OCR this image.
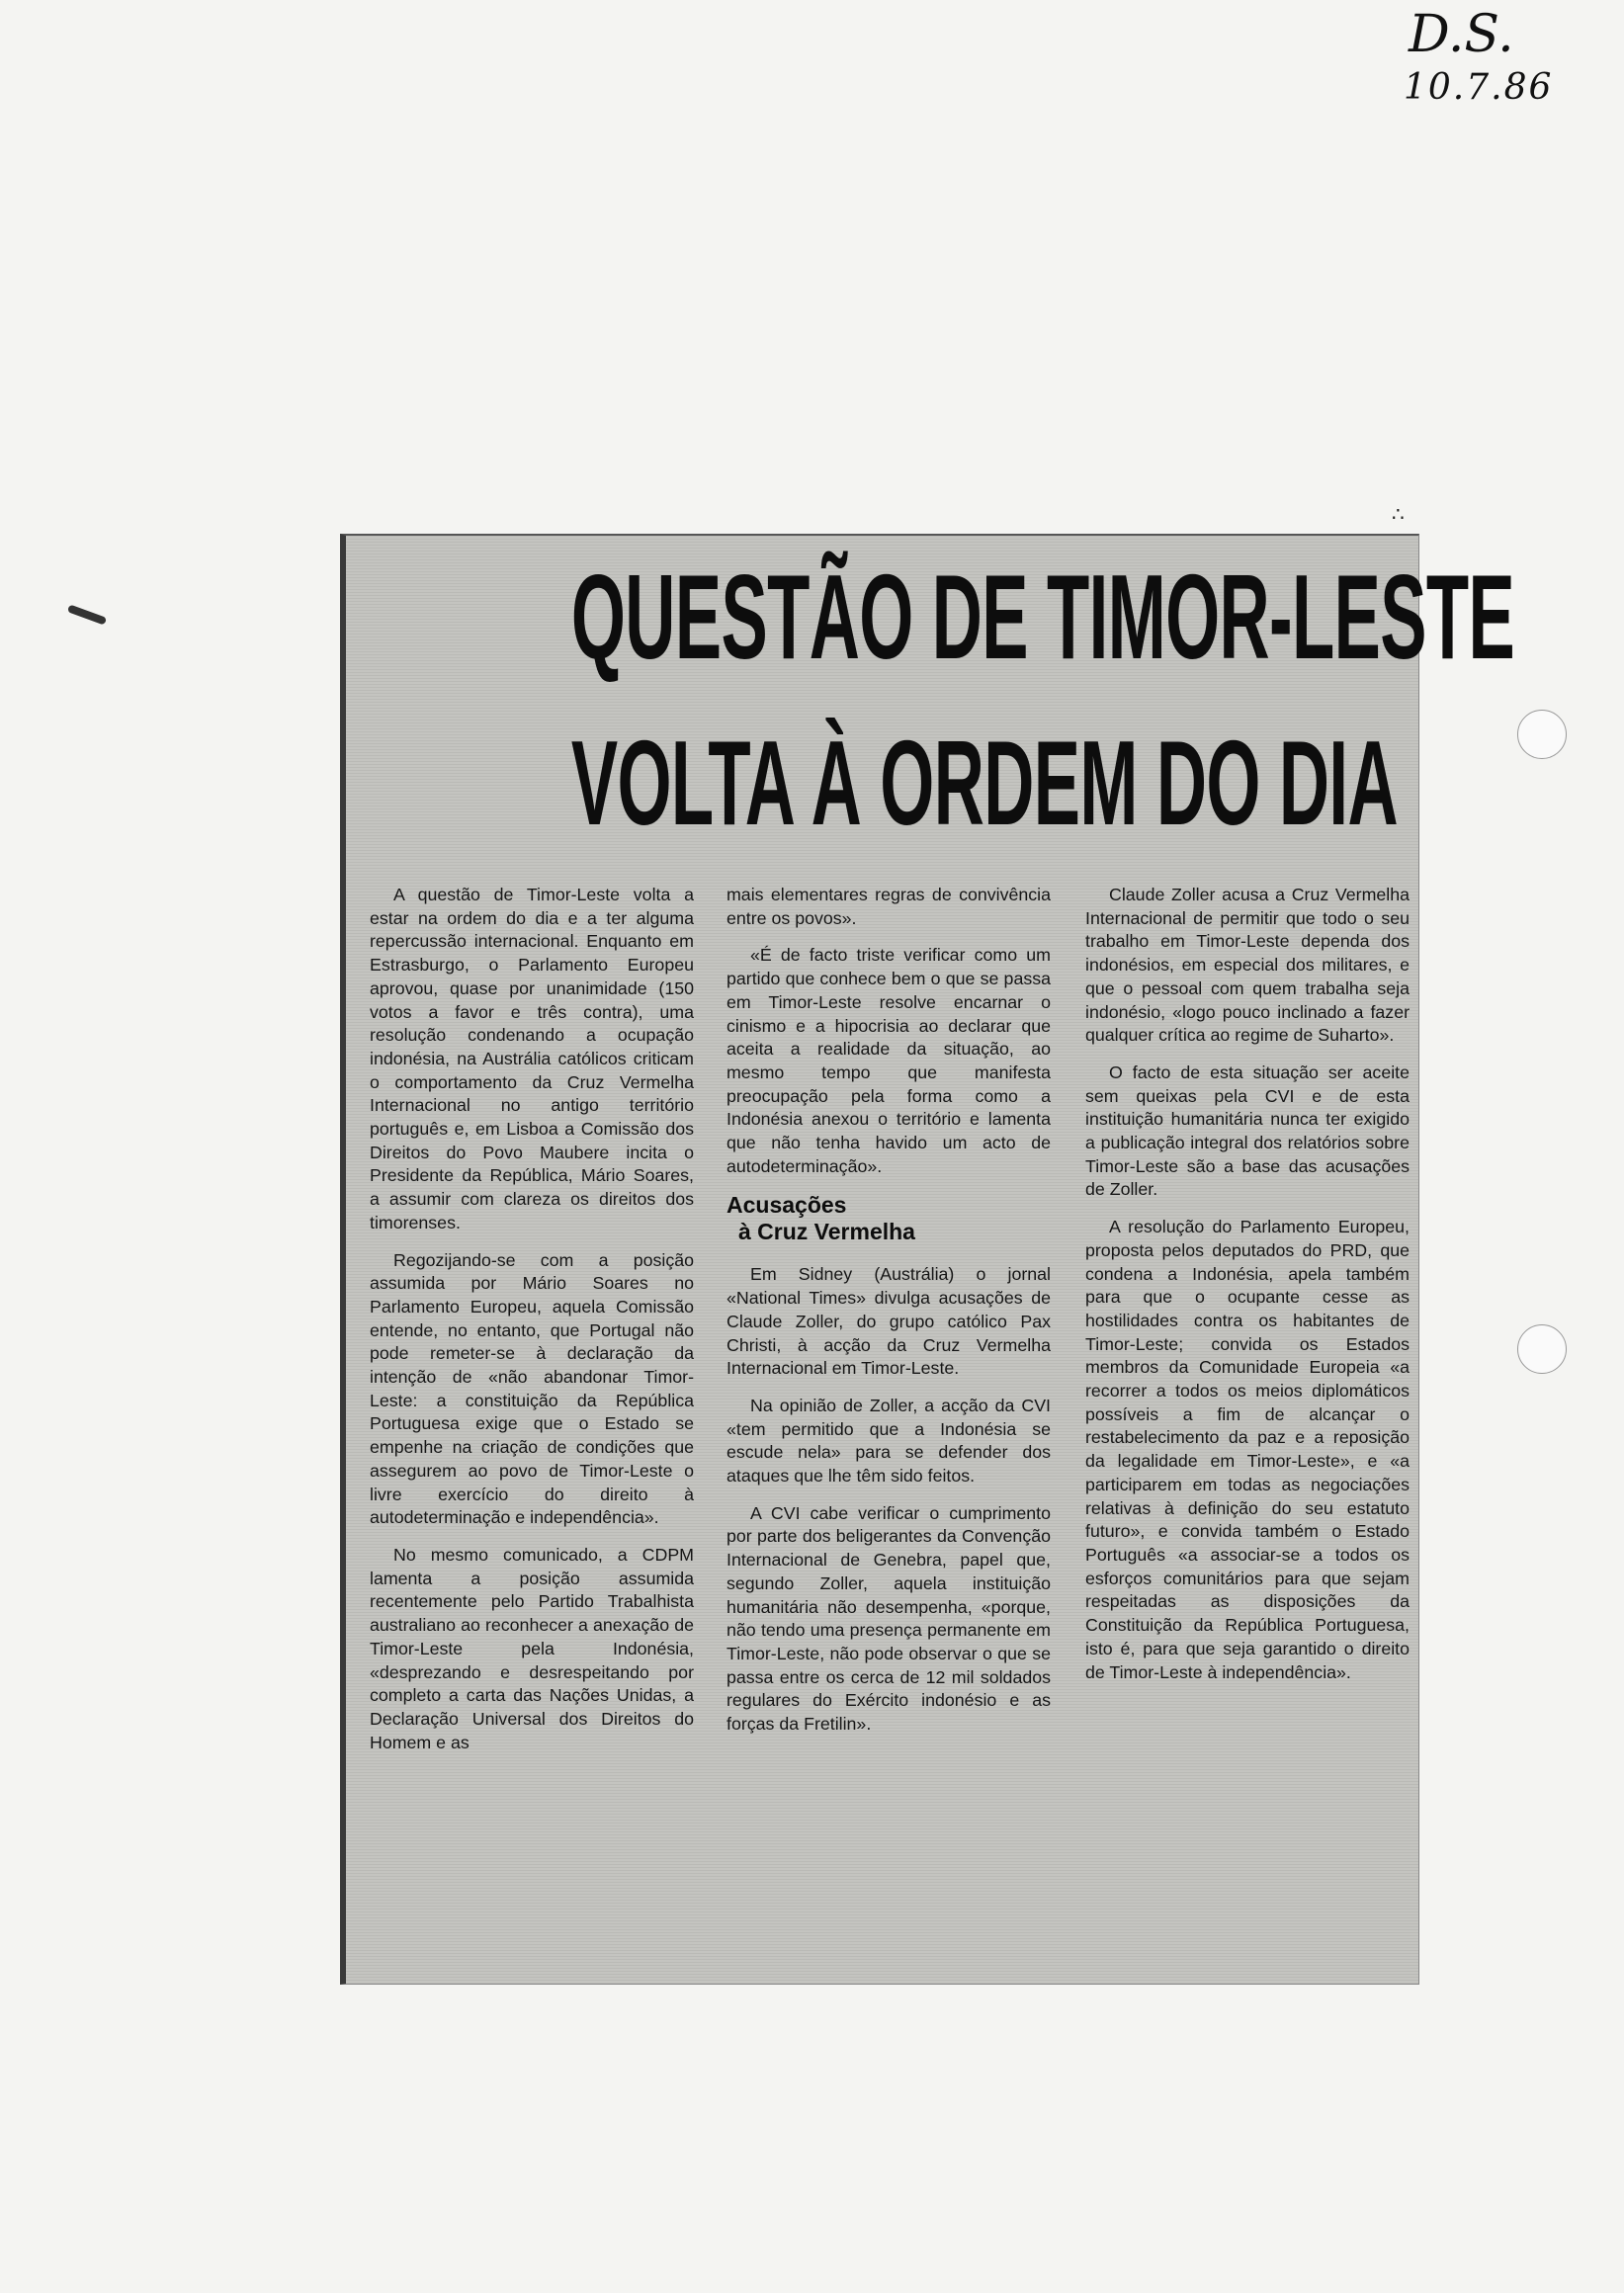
D.S.
10.7.86
∴
QUESTÃO DE TIMOR-LESTE
VOLTA À ORDEM DO DIA

A questão de Timor-Leste volta a estar na ordem do dia e a ter alguma repercussão internacional. Enquanto em Estrasburgo, o Parlamento Europeu aprovou, quase por unanimidade (150 votos a favor e três contra), uma resolução condenando a ocupação indonésia, na Austrália católicos criticam o comportamento da Cruz Vermelha Internacional no antigo território português e, em Lisboa a Comissão dos Direitos do Povo Maubere incita o Presidente da República, Mário Soares, a assumir com clareza os direitos dos timorenses.

Regozijando-se com a posição assumida por Mário Soares no Parlamento Europeu, aquela Comissão entende, no entanto, que Portugal não pode remeter-se à declaração da intenção de «não abandonar Timor-Leste: a constituição da República Portuguesa exige que o Estado se empenhe na criação de condições que assegurem ao povo de Timor-Leste o livre exercício do direito à autodeterminação e independência».

No mesmo comunicado, a CDPM lamenta a posição assumida recentemente pelo Partido Trabalhista australiano ao reconhecer a anexação de Timor-Leste pela Indonésia, «desprezando e desrespeitando por completo a carta das Nações Unidas, a Declaração Universal dos Direitos do Homem e as

mais elementares regras de convivência entre os povos».

«É de facto triste verificar como um partido que conhece bem o que se passa em Timor-Leste resolve encarnar o cinismo e a hipocrisia ao declarar que aceita a realidade da situação, ao mesmo tempo que manifesta preocupação pela forma como a Indonésia anexou o território e lamenta que não tenha havido um acto de autodeterminação».

Acusações
à Cruz Vermelha

Em Sidney (Austrália) o jornal «National Times» divulga acusações de Claude Zoller, do grupo católico Pax Christi, à acção da Cruz Vermelha Internacional em Timor-Leste.

Na opinião de Zoller, a acção da CVI «tem permitido que a Indonésia se escude nela» para se defender dos ataques que lhe têm sido feitos.

A CVI cabe verificar o cumprimento por parte dos beligerantes da Convenção Internacional de Genebra, papel que, segundo Zoller, aquela instituição humanitária não desempenha, «porque, não tendo uma presença permanente em Timor-Leste, não pode observar o que se passa entre os cerca de 12 mil soldados regulares do Exército indonésio e as forças da Fretilin».

Claude Zoller acusa a Cruz Vermelha Internacional de permitir que todo o seu trabalho em Timor-Leste dependa dos indonésios, em especial dos militares, e que o pessoal com quem trabalha seja indonésio, «logo pouco inclinado a fazer qualquer crítica ao regime de Suharto».

O facto de esta situação ser aceite sem queixas pela CVI e de esta instituição humanitária nunca ter exigido a publicação integral dos relatórios sobre Timor-Leste são a base das acusações de Zoller.

A resolução do Parlamento Europeu, proposta pelos deputados do PRD, que condena a Indonésia, apela também para que o ocupante cesse as hostilidades contra os habitantes de Timor-Leste; convida os Estados membros da Comunidade Europeia «a recorrer a todos os meios diplomáticos possíveis a fim de alcançar o restabelecimento da paz e a reposição da legalidade em Timor-Leste», e «a participarem em todas as negociações relativas à definição do seu estatuto futuro», e convida também o Estado Português «a associar-se a todos os esforços comunitários para que sejam respeitadas as disposições da Constituição da República Portuguesa, isto é, para que seja garantido o direito de Timor-Leste à independência».
